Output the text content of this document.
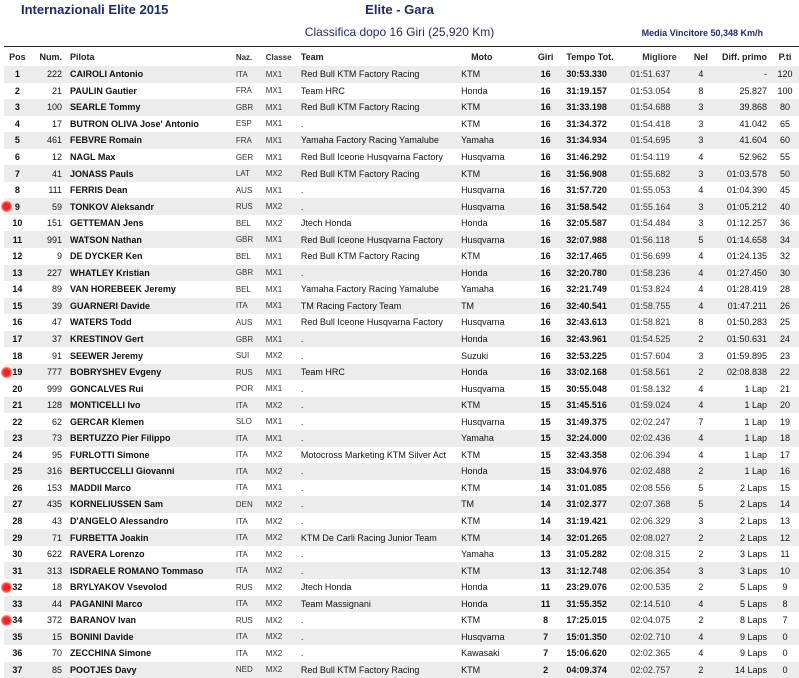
Internazionali Elite 2015	Elite - Gara
Classifica dopo 16 Giri (25,920 Km)	Media Vincitore 50,348 Km/h
Pos	Num.	Pilota	Naz.	Classe	Team	Moto	Giri	Tempo Tot.	Migliore	Nel	Diff. primo	P.ti
1	222	CAIROLI Antonio	ITA	MX1	Red Bull KTM Factory Racing	KTM	16	30:53.330	01:51.637	4	-	120
2	21	PAULIN Gautier	FRA	MX1	Team HRC	Honda	16	31:19.157	01:53.054	8	25.827	100
3	100	SEARLE Tommy	GBR	MX1	Red Bull KTM Factory Racing	KTM	16	31:33.198	01:54.688	3	39.868	80
4	17	BUTRON OLIVA Jose' Antonio	ESP	MX1	.	KTM	16	31:34.372	01:54.418	3	41.042	65
5	461	FEBVRE Romain	FRA	MX1	Yamaha Factory Racing Yamalube	Yamaha	16	31:34.934	01:54.695	3	41.604	60
6	12	NAGL Max	GER	MX1	Red Bull Iceone Husqvarna Factory	Husqvarna	16	31:46.292	01:54.119	4	52.962	55
7	41	JONASS Pauls	LAT	MX2	Red Bull KTM Factory Racing	KTM	16	31:56.908	01:55.682	3	01:03.578	50
8	111	FERRIS Dean	AUS	MX1	.	Husqvarna	16	31:57.720	01:55.053	4	01:04.390	45
9	59	TONKOV Aleksandr	RUS	MX2	.	Husqvarna	16	31:58.542	01:55.164	3	01:05.212	40
10	151	GETTEMAN Jens	BEL	MX2	Jtech Honda	Honda	16	32:05.587	01:54.484	3	01:12.257	36
11	991	WATSON Nathan	GBR	MX1	Red Bull Iceone Husqvarna Factory	Husqvarna	16	32:07.988	01:56.118	5	01:14.658	34
12	9	DE DYCKER Ken	BEL	MX1	Red Bull KTM Factory Racing	KTM	16	32:17.465	01:56.699	4	01:24.135	32
13	227	WHATLEY Kristian	GBR	MX1	.	Honda	16	32:20.780	01:58.236	4	01:27.450	30
14	89	VAN HOREBEEK Jeremy	BEL	MX1	Yamaha Factory Racing Yamalube	Yamaha	16	32:21.749	01:53.824	4	01:28.419	28
15	39	GUARNERI Davide	ITA	MX1	TM Racing Factory Team	TM	16	32:40.541	01:58.755	4	01:47.211	26
16	47	WATERS Todd	AUS	MX1	Red Bull Iceone Husqvarna Factory	Husqvarna	16	32:43.613	01:58.821	8	01:50.283	25
17	37	KRESTINOV Gert	GBR	MX1	.	Honda	16	32:43.961	01:54.525	2	01:50.631	24
18	91	SEEWER Jeremy	SUI	MX2	.	Suzuki	16	32:53.225	01:57.604	3	01:59.895	23
19	777	BOBRYSHEV Evgeny	RUS	MX1	Team HRC	Honda	16	33:02.168	01:58.561	2	02:08.838	22
20	999	GONCALVES Rui	POR	MX1	.	Husqvarna	15	30:55.048	01:58.132	4	1 Lap	21
21	128	MONTICELLI Ivo	ITA	MX2	.	KTM	15	31:45.516	01:59.024	4	1 Lap	20
22	62	GERCAR Klemen	SLO	MX1	.	Husqvarna	15	31:49.375	02:02.247	7	1 Lap	19
23	73	BERTUZZO Pier Filippo	ITA	MX1	.	Yamaha	15	32:24.000	02:02.436	4	1 Lap	18
24	95	FURLOTTI Simone	ITA	MX2	Motocross Marketing KTM Silver Act	KTM	15	32:43.358	02:06.394	4	1 Lap	17
25	316	BERTUCCELLI Giovanni	ITA	MX2	.	Honda	15	33:04.976	02:02.488	2	1 Lap	16
26	153	MADDII Marco	ITA	MX1	.	KTM	14	31:01.085	02:08.556	5	2 Laps	15
27	435	KORNELIUSSEN Sam	DEN	MX2	.	TM	14	31:02.377	02:07.368	5	2 Laps	14
28	43	D'ANGELO Alessandro	ITA	MX2	.	KTM	14	31:19.421	02:06.329	3	2 Laps	13
29	71	FURBETTA Joakin	ITA	MX2	KTM De Carli Racing Junior Team	KTM	14	32:01.265	02:08.027	2	2 Laps	12
30	622	RAVERA Lorenzo	ITA	MX2	.	Yamaha	13	31:05.282	02:08.315	2	3 Laps	11
31	313	ISDRAELE ROMANO Tommaso	ITA	MX2	.	KTM	13	31:12.748	02:06.354	3	3 Laps	10
32	18	BRYLYAKOV Vsevolod	RUS	MX2	Jtech Honda	Honda	11	23:29.076	02:00.535	2	5 Laps	9
33	44	PAGANINI Marco	ITA	MX2	Team Massignani	Honda	11	31:55.352	02:14.510	4	5 Laps	8
34	372	BARANOV Ivan	RUS	MX2	.	KTM	8	17:25.015	02:04.075	2	8 Laps	7
35	15	BONINI Davide	ITA	MX2	.	Husqvarna	7	15:01.350	02:02.710	4	9 Laps	0
36	70	ZECCHINA Simone	ITA	MX2	.	Kawasaki	7	15:06.620	02:02.365	4	9 Laps	0
37	85	POOTJES Davy	NED	MX2	Red Bull KTM Factory Racing	KTM	2	04:09.374	02:02.757	2	14 Laps	0
